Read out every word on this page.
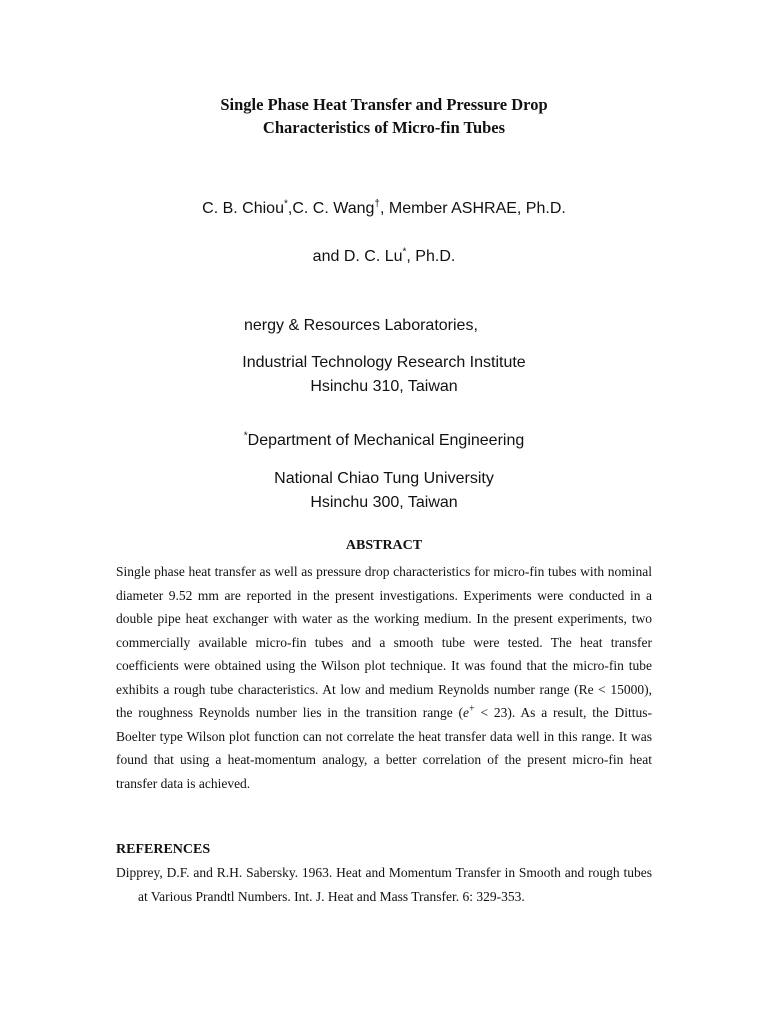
Single Phase Heat Transfer and Pressure Drop
Characteristics of Micro-fin Tubes
C. B. Chiou*,C. C. Wang†, Member ASHRAE, Ph.D.
and D. C. Lu*, Ph.D.
nergy & Resources Laboratories,
Industrial Technology Research Institute
Hsinchu 310, Taiwan
*Department of Mechanical Engineering
National Chiao Tung University
Hsinchu 300, Taiwan
ABSTRACT

Single phase heat transfer as well as pressure drop characteristics for micro-fin tubes with nominal diameter 9.52 mm are reported in the present investigations. Experiments were conducted in a double pipe heat exchanger with water as the working medium. In the present experiments, two commercially available micro-fin tubes and a smooth tube were tested. The heat transfer coefficients were obtained using the Wilson plot technique. It was found that the micro-fin tube exhibits a rough tube characteristics. At low and medium Reynolds number range (Re < 15000), the roughness Reynolds number lies in the transition range (e+ < 23). As a result, the Dittus-Boelter type Wilson plot function can not correlate the heat transfer data well in this range. It was found that using a heat-momentum analogy, a better correlation of the present micro-fin heat transfer data is achieved.

REFERENCES

Dipprey, D.F. and R.H. Sabersky. 1963. Heat and Momentum Transfer in Smooth and rough tubes at Various Prandtl Numbers. Int. J. Heat and Mass Transfer. 6: 329-353.
